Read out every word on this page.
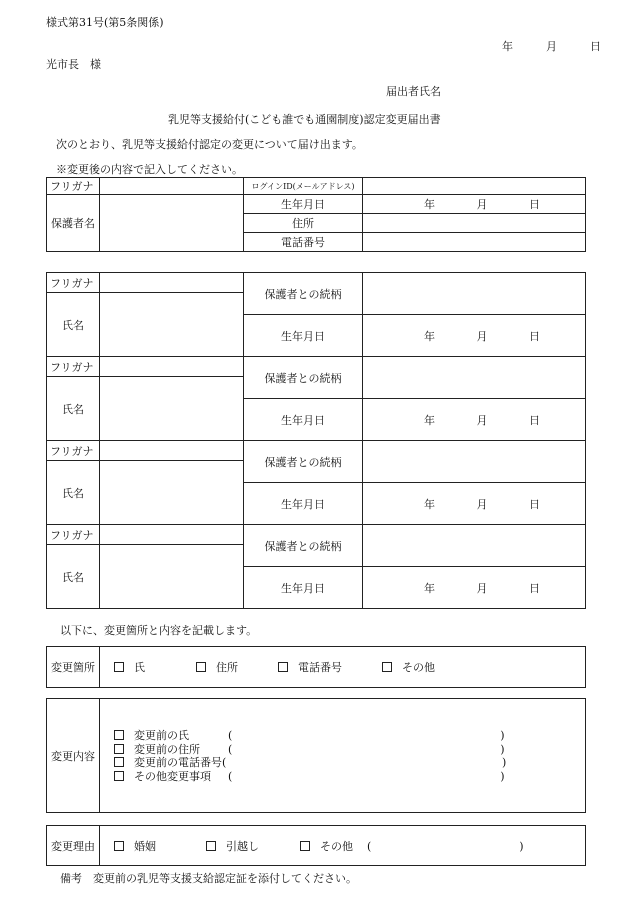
様式第31号(第5条関係)
年	月	日
光市長　様
届出者氏名
乳児等支援給付(こども誰でも通園制度)認定変更届出書
次のとおり、乳児等支援給付認定の変更について届け出ます。
※変更後の内容で記入してください。
フリガナ		ログインID(メールアドレス)	
保護者名		生年月日	年 月 日
		住所	
		電話番号	
フリガナ		保護者との続柄	
氏名			
		生年月日	年 月 日
フリガナ		保護者との続柄	
氏名			
		生年月日	年 月 日
フリガナ		保護者との続柄	
氏名			
		生年月日	年 月 日
フリガナ		保護者との続柄	
氏名			
		生年月日	年 月 日
以下に、変更箇所と内容を記載します。
変更箇所	氏	住所	電話番号	その他
変更内容	
変更前の氏	(	)
変更前の住所	(	)
変更前の電話番号(	)
その他変更事項 (	)
変更理由	婚姻	引越し	その他 (	)
備考　変更前の乳児等支援支給認定証を添付してください。
